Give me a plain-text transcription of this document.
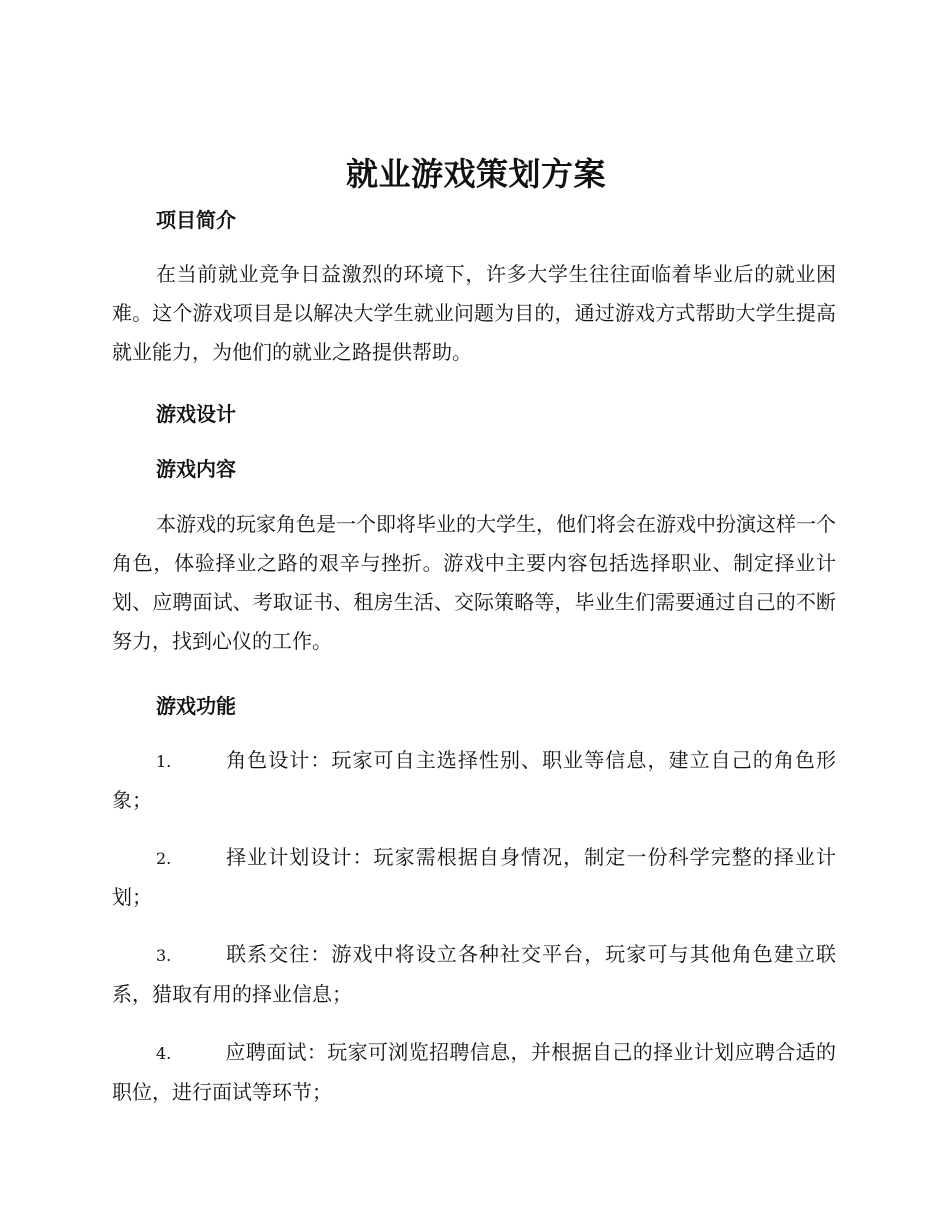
就业游戏策划方案
项目简介
在当前就业竞争日益激烈的环境下，许多大学生往往面临着毕业后的就业困难。这个游戏项目是以解决大学生就业问题为目的，通过游戏方式帮助大学生提高就业能力，为他们的就业之路提供帮助。
游戏设计
游戏内容
本游戏的玩家角色是一个即将毕业的大学生，他们将会在游戏中扮演这样一个角色，体验择业之路的艰辛与挫折。游戏中主要内容包括选择职业、制定择业计划、应聘面试、考取证书、租房生活、交际策略等，毕业生们需要通过自己的不断努力，找到心仪的工作。
游戏功能
1.	角色设计：玩家可自主选择性别、职业等信息，建立自己的角色形象；
2.	择业计划设计：玩家需根据自身情况，制定一份科学完整的择业计划；
3.	联系交往：游戏中将设立各种社交平台，玩家可与其他角色建立联系，猎取有用的择业信息；
4.	应聘面试：玩家可浏览招聘信息，并根据自己的择业计划应聘合适的职位，进行面试等环节；
